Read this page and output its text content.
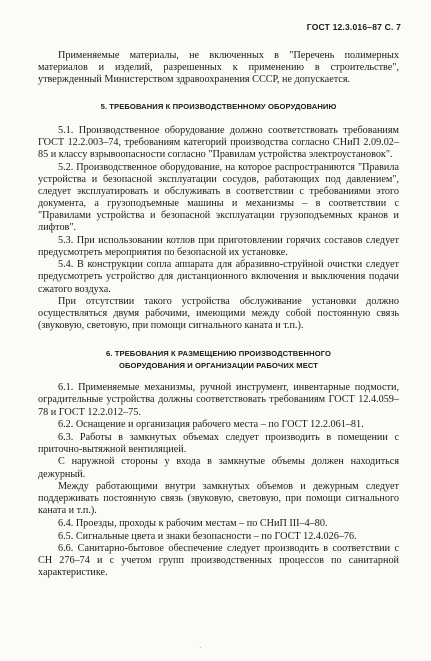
ГОСТ 12.3.016–87 С. 7

Применяемые материалы, не включенных в "Перечень полимерных материалов и изделий, разрешенных к применению в строительстве", утвержденный Министерством здравоохранения СССР, не допускается.

5. ТРЕБОВАНИЯ К ПРОИЗВОДСТВЕННОМУ ОБОРУДОВАНИЮ

5.1. Производственное оборудование должно соответствовать требованиям ГОСТ 12.2.003–74, требованиям категорий производства согласно СНиП 2.09.02–85 и классу взрывоопасности согласно "Правилам устройства электроустановок".

5.2. Производственное оборудование, на которое распространяются "Правила устройства и безопасной эксплуатации сосудов, работающих под давлением", следует эксплуатировать и обслуживать в соответствии с требованиями этого документа, а грузоподъемные машины и механизмы – в соответствии с "Правилами устройства и безопасной эксплуатации грузоподъемных кранов и лифтов".

5.3. При использовании котлов при приготовлении горячих составов следует предусмотреть мероприятия по безопасной их установке.

5.4. В конструкции сопла аппарата для абразивно-струйной очистки следует предусмотреть устройство для дистанционного включения и выключения подачи сжатого воздуха.

При отсутствии такого устройства обслуживание установки должно осуществляться двумя рабочими, имеющими между собой постоянную связь (звуковую, световую, при помощи сигнального каната и т.п.).

6. ТРЕБОВАНИЯ К РАЗМЕЩЕНИЮ ПРОИЗВОДСТВЕННОГО
ОБОРУДОВАНИЯ И ОРГАНИЗАЦИИ РАБОЧИХ МЕСТ

6.1. Применяемые механизмы, ручной инструмент, инвентарные подмости, оградительные устройства должны соответствовать требованиям ГОСТ 12.4.059–78 и ГОСТ 12.2.012–75.

6.2. Оснащение и организация рабочего места – по ГОСТ 12.2.061–81.

6.3. Работы в замкнутых объемах следует производить в помещении с приточно-вытяжной вентиляцией.

С наружной стороны у входа в замкнутые объемы должен находиться дежурный.

Между работающими внутри замкнутых объемов и дежурным следует поддерживать постоянную связь (звуковую, световую, при помощи сигнального каната и т.п.).

6.4. Проезды, проходы к рабочим местам – по СНиП III–4–80.

6.5. Сигнальные цвета и знаки безопасности – по ГОСТ 12.4.026–76.

6.6. Санитарно-бытовое обеспечение следует производить в соответствии с СН 276–74 и с учетом групп производственных процессов по санитарной характеристике.

·
